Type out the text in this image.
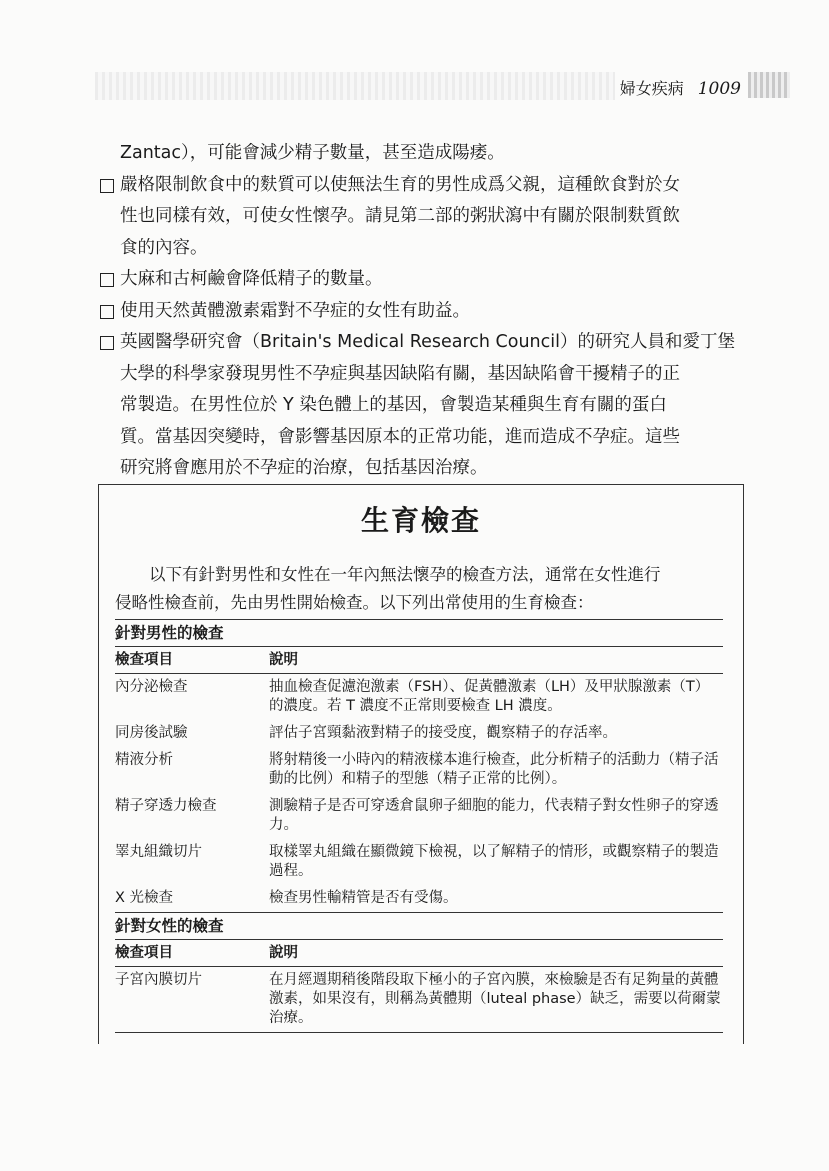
婦女疾病 1009
Zantac），可能會減少精子數量，甚至造成陽痿。
嚴格限制飲食中的麩質可以使無法生育的男性成爲父親，這種飲食對於女
性也同樣有效，可使女性懷孕。請見第二部的粥狀瀉中有關於限制麩質飲
食的內容。
大麻和古柯鹼會降低精子的數量。
使用天然黃體激素霜對不孕症的女性有助益。
英國醫學研究會（Britain's Medical Research Council）的研究人員和愛丁堡
大學的科學家發現男性不孕症與基因缺陷有關，基因缺陷會干擾精子的正
常製造。在男性位於 Y 染色體上的基因，會製造某種與生育有關的蛋白
質。當基因突變時，會影響基因原本的正常功能，進而造成不孕症。這些
研究將會應用於不孕症的治療，包括基因治療。
生育檢查
以下有針對男性和女性在一年內無法懷孕的檢查方法，通常在女性進行
侵略性檢查前，先由男性開始檢查。以下列出常使用的生育檢查：
針對男性的檢查
檢查項目	說明
內分泌檢查	抽血檢查促濾泡激素（FSH）、促黃體激素（LH）及甲狀腺激素（T）的濃度。若 T 濃度不正常則要檢查 LH 濃度。
同房後試驗	評估子宮頸黏液對精子的接受度，觀察精子的存活率。
精液分析	將射精後一小時內的精液樣本進行檢查，此分析精子的活動力（精子活動的比例）和精子的型態（精子正常的比例）。
精子穿透力檢查	測驗精子是否可穿透倉鼠卵子細胞的能力，代表精子對女性卵子的穿透力。
睪丸組織切片	取樣睪丸組織在顯微鏡下檢視，以了解精子的情形，或觀察精子的製造過程。
X 光檢查	檢查男性輸精管是否有受傷。
針對女性的檢查
檢查項目	說明
子宮內膜切片	在月經週期稍後階段取下極小的子宮內膜，來檢驗是否有足夠量的黃體激素，如果沒有，則稱為黃體期（luteal phase）缺乏，需要以荷爾蒙治療。
